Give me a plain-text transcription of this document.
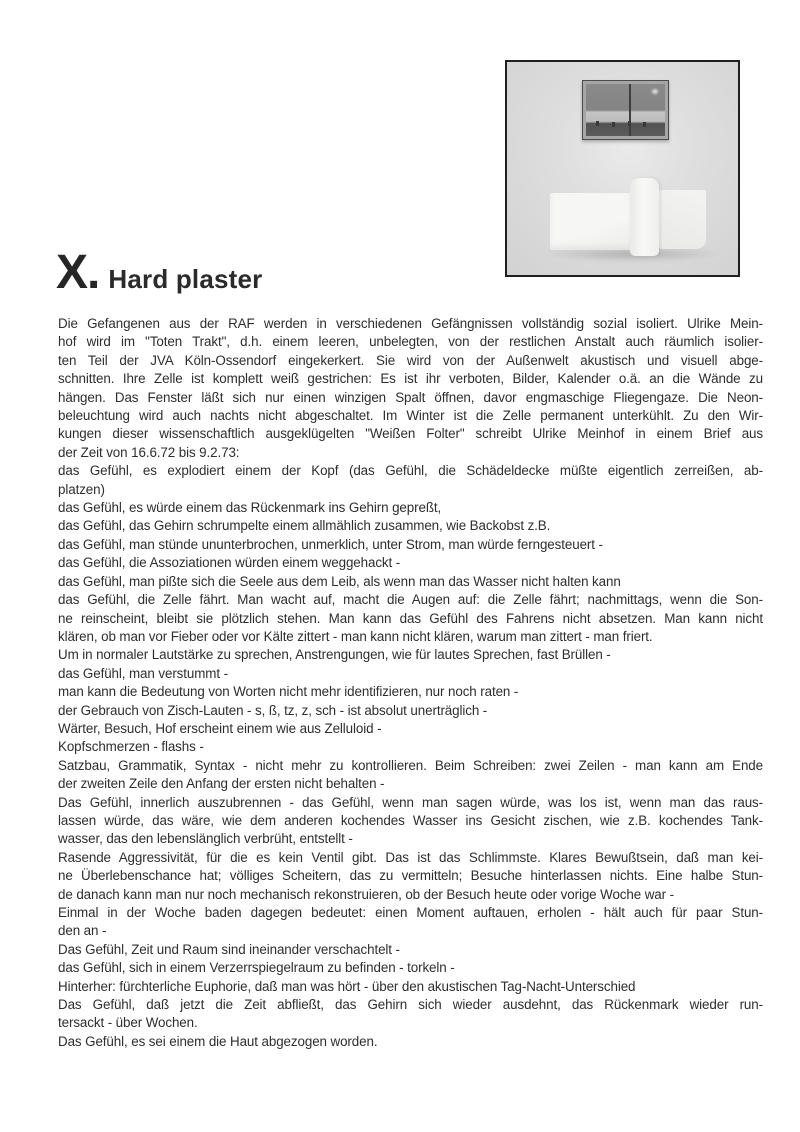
X. Hard plaster
Die Gefangenen aus der RAF werden in verschiedenen Gefängnissen vollständig sozial isoliert. Ulrike Mein-
hof wird im "Toten Trakt", d.h. einem leeren, unbelegten, von der restlichen Anstalt auch räumlich isolier-
ten Teil der JVA Köln-Ossendorf eingekerkert. Sie wird von der Außenwelt akustisch und visuell abge-
schnitten. Ihre Zelle ist komplett weiß gestrichen: Es ist ihr verboten, Bilder, Kalender o.ä. an die Wände zu
hängen. Das Fenster läßt sich nur einen winzigen Spalt öffnen, davor engmaschige Fliegengaze. Die Neon-
beleuchtung wird auch nachts nicht abgeschaltet. Im Winter ist die Zelle permanent unterkühlt. Zu den Wir-
kungen dieser wissenschaftlich ausgeklügelten "Weißen Folter" schreibt Ulrike Meinhof in einem Brief aus
der Zeit von 16.6.72 bis 9.2.73:
das Gefühl, es explodiert einem der Kopf (das Gefühl, die Schädeldecke müßte eigentlich zerreißen, ab-
platzen)
das Gefühl, es würde einem das Rückenmark ins Gehirn gepreßt,
das Gefühl, das Gehirn schrumpelte einem allmählich zusammen, wie Backobst z.B.
das Gefühl, man stünde ununterbrochen, unmerklich, unter Strom, man würde ferngesteuert -
das Gefühl, die Assoziationen würden einem weggehackt -
das Gefühl, man pißte sich die Seele aus dem Leib, als wenn man das Wasser nicht halten kann
das Gefühl, die Zelle fährt. Man wacht auf, macht die Augen auf: die Zelle fährt; nachmittags, wenn die Son-
ne reinscheint, bleibt sie plötzlich stehen. Man kann das Gefühl des Fahrens nicht absetzen. Man kann nicht
klären, ob man vor Fieber oder vor Kälte zittert - man kann nicht klären, warum man zittert - man friert.
Um in normaler Lautstärke zu sprechen, Anstrengungen, wie für lautes Sprechen, fast Brüllen -
das Gefühl, man verstummt -
man kann die Bedeutung von Worten nicht mehr identifizieren, nur noch raten -
der Gebrauch von Zisch-Lauten - s, ß, tz, z, sch - ist absolut unerträglich -
Wärter, Besuch, Hof erscheint einem wie aus Zelluloid -
Kopfschmerzen - flashs -
Satzbau, Grammatik, Syntax - nicht mehr zu kontrollieren. Beim Schreiben: zwei Zeilen - man kann am Ende
der zweiten Zeile den Anfang der ersten nicht behalten -
Das Gefühl, innerlich auszubrennen - das Gefühl, wenn man sagen würde, was los ist, wenn man das raus-
lassen würde, das wäre, wie dem anderen kochendes Wasser ins Gesicht zischen, wie z.B. kochendes Tank-
wasser, das den lebenslänglich verbrüht, entstellt -
Rasende Aggressivität, für die es kein Ventil gibt. Das ist das Schlimmste. Klares Bewußtsein, daß man kei-
ne Überlebenschance hat; völliges Scheitern, das zu vermitteln; Besuche hinterlassen nichts. Eine halbe Stun-
de danach kann man nur noch mechanisch rekonstruieren, ob der Besuch heute oder vorige Woche war -
Einmal in der Woche baden dagegen bedeutet: einen Moment auftauen, erholen - hält auch für paar Stun-
den an -
Das Gefühl, Zeit und Raum sind ineinander verschachtelt -
das Gefühl, sich in einem Verzerrspiegelraum zu befinden - torkeln -
Hinterher: fürchterliche Euphorie, daß man was hört - über den akustischen Tag-Nacht-Unterschied
Das Gefühl, daß jetzt die Zeit abfließt, das Gehirn sich wieder ausdehnt, das Rückenmark wieder run-
tersackt - über Wochen.
Das Gefühl, es sei einem die Haut abgezogen worden.
